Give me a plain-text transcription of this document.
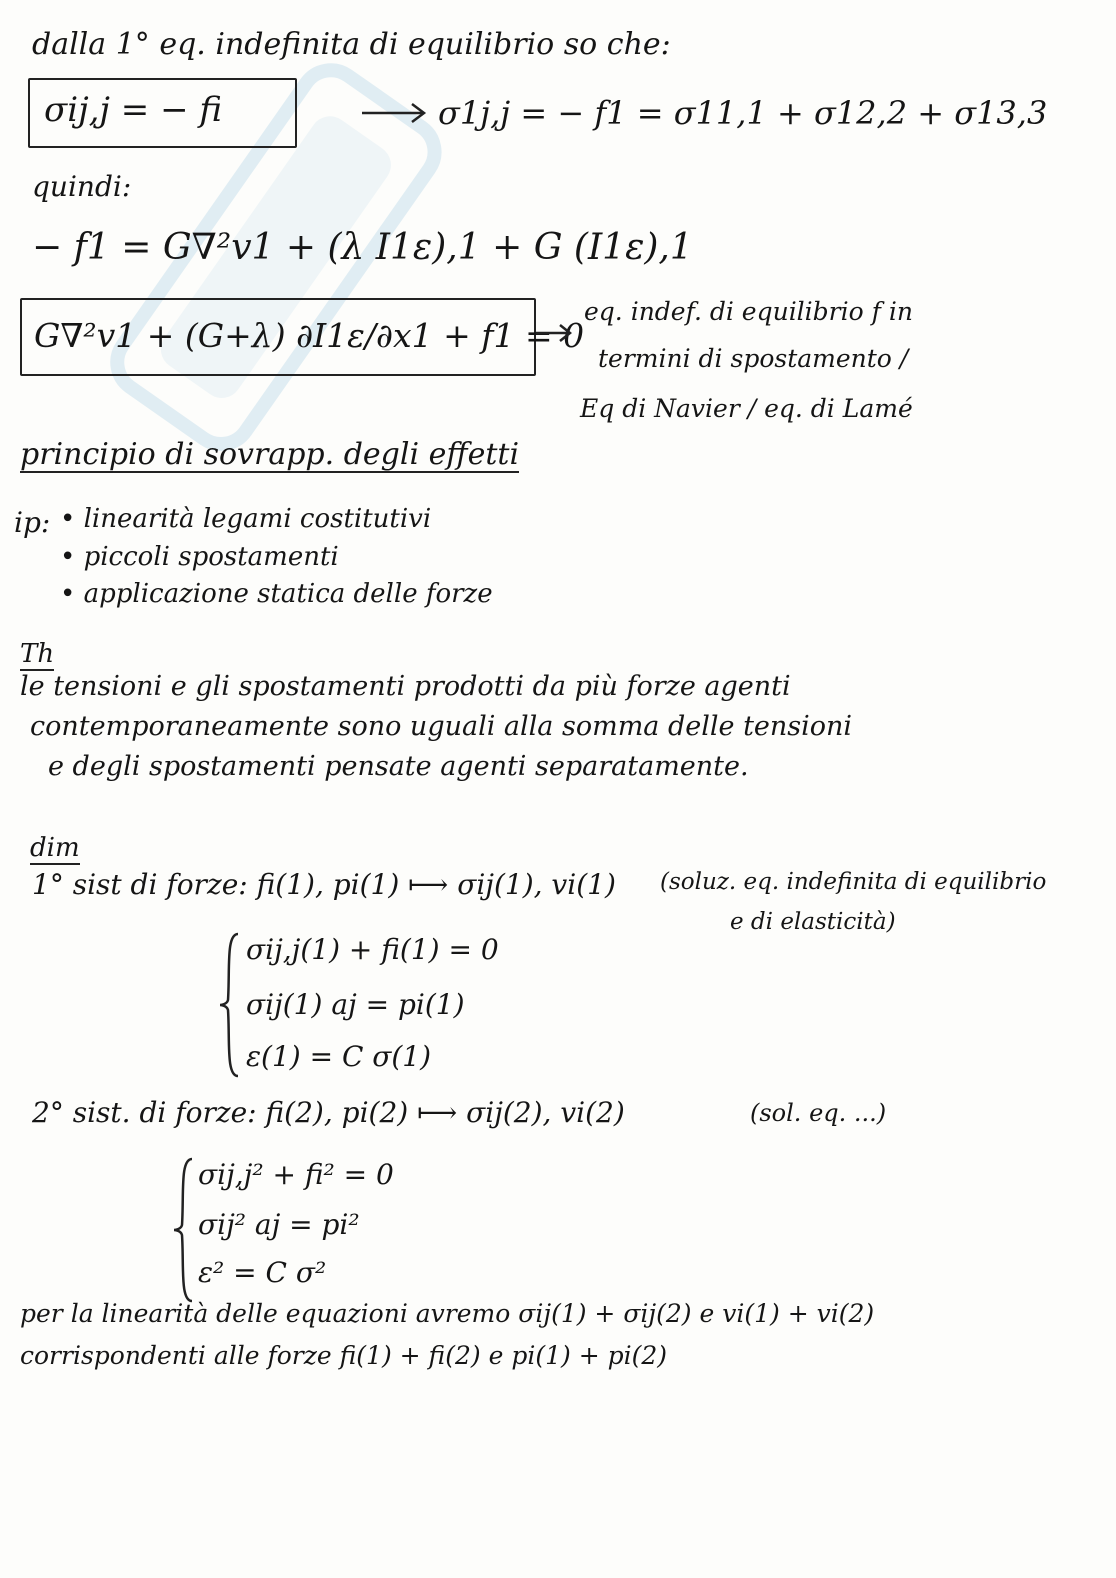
dalla 1° eq. indefinita di equilibrio so che:
σij,j = − fi	σ1j,j = − f1 = σ11,1 + σ12,2 + σ13,3
quindi:
− f1 = G∇²v1 + (λ I1ε),1 + G (I1ε),1
G∇²v1 + (G+λ) ∂I1ε/∂x1 + f1 = 0
eq. indef. di equilibrio f in
termini di spostamento /
Eq di Navier / eq. di Lamé
principio di sovrapp. degli effetti
ip: • linearità legami costitutivi
• piccoli spostamenti
• applicazione statica delle forze
Th
le tensioni e gli spostamenti prodotti da più forze agenti
contemporaneamente sono uguali alla somma delle tensioni
e degli spostamenti pensate agenti separatamente.
dim
1° sist di forze: fi(1), pi(1) ⟼ σij(1), vi(1) (soluz. eq. indefinita di equilibrio
e di elasticità)
σij,j(1) + fi(1) = 0
σij(1) aj = pi(1)
ε(1) = C σ(1)
2° sist. di forze: fi(2), pi(2) ⟼ σij(2), vi(2)	(sol. eq. ...)
σij,j² + fi² = 0
σij² aj = pi²
ε² = C σ²
per la linearità delle equazioni avremo σij(1) + σij(2) e vi(1) + vi(2)
corrispondenti alle forze fi(1) + fi(2) e pi(1) + pi(2)
